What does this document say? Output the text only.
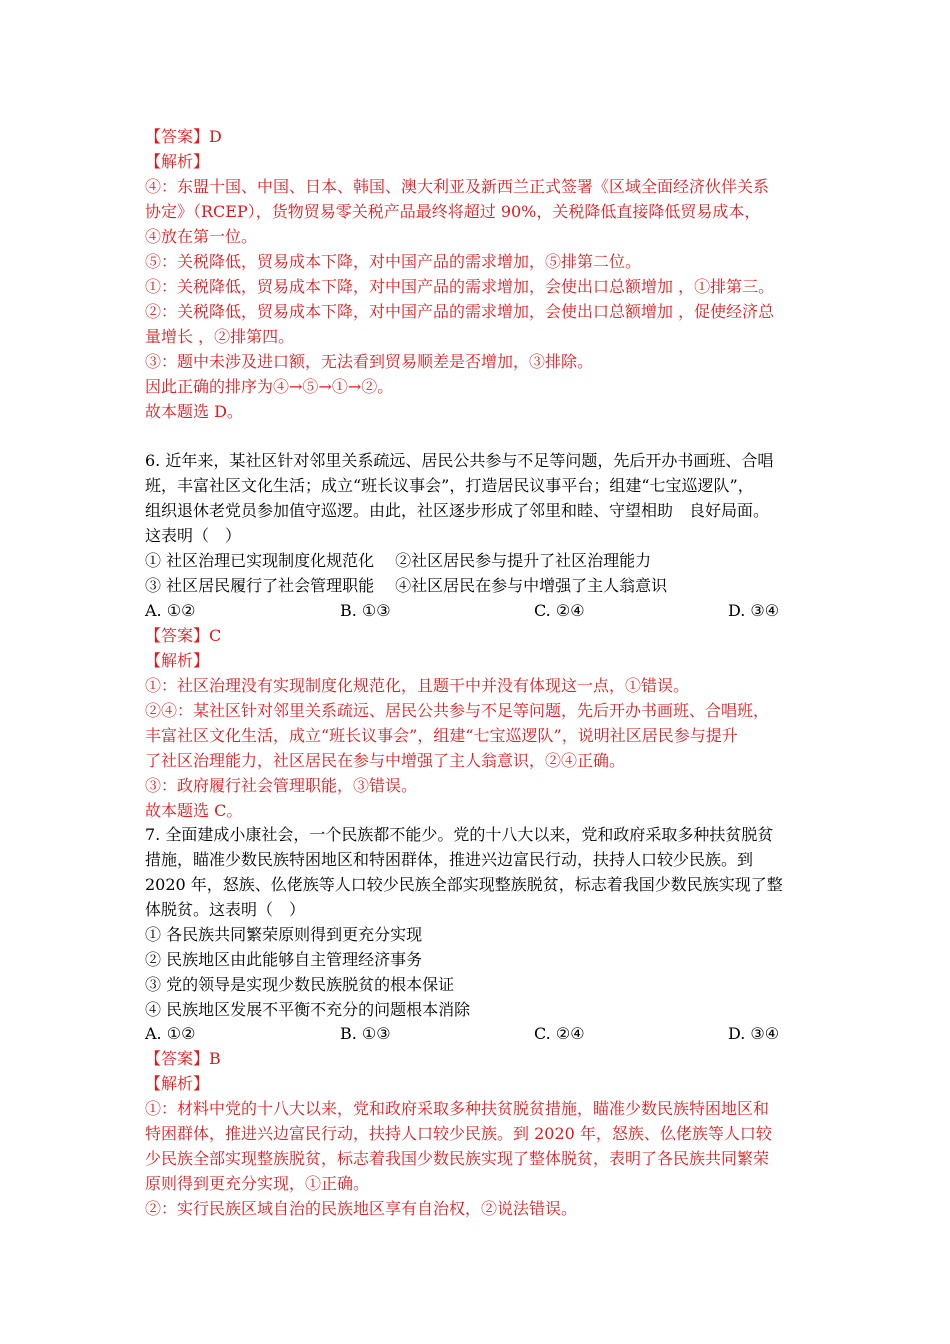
【答案】D

【解析】

④：东盟十国、中国、日本、韩国、澳大利亚及新西兰正式签署《区域全面经济伙伴关系

协定》（RCEP），货物贸易零关税产品最终将超过 90%，关税降低直接降低贸易成本，

④放在第一位。

⑤：关税降低，贸易成本下降，对中国产品的需求增加，⑤排第二位。

①：关税降低，贸易成本下降，对中国产品的需求增加，会使出口总额增加 ，①排第三。

②：关税降低，贸易成本下降，对中国产品的需求增加，会使出口总额增加 ，促使经济总

量增长 ，②排第四。

③：题中未涉及进口额，无法看到贸易顺差是否增加，③排除。

因此正确的排序为④→⑤→①→②。

故本题选 D。

6. 近年来，某社区针对邻里关系疏远、居民公共参与不足等问题，先后开办书画班、合唱

班，丰富社区文化生活；成立“班长议事会”，打造居民议事平台；组建“七宝巡逻队”，

组织退休老党员参加值守巡逻。由此，社区逐步形成了邻里和睦、守望相助　良好局面。

这表明（　）

① 社区治理已实现制度化规范化　 ②社区居民参与提升了社区治理能力

③ 社区居民履行了社会管理职能　 ④社区居民在参与中增强了主人翁意识

A. ①②	B. ①③	C. ②④	D. ③④

【答案】C

【解析】

①：社区治理没有实现制度化规范化，且题干中并没有体现这一点，①错误。

②④：某社区针对邻里关系疏远、居民公共参与不足等问题，先后开办书画班、合唱班，

丰富社区文化生活，成立“班长议事会”，组建“七宝巡逻队”，说明社区居民参与提升

了社区治理能力，社区居民在参与中增强了主人翁意识，②④正确。

③：政府履行社会管理职能，③错误。

故本题选 C。

7. 全面建成小康社会，一个民族都不能少。党的十八大以来，党和政府采取多种扶贫脱贫

措施，瞄准少数民族特困地区和特困群体，推进兴边富民行动，扶持人口较少民族。到

2020 年，怒族、仫佬族等人口较少民族全部实现整族脱贫，标志着我国少数民族实现了整

体脱贫。这表明（　）

① 各民族共同繁荣原则得到更充分实现

② 民族地区由此能够自主管理经济事务

③ 党的领导是实现少数民族脱贫的根本保证

④ 民族地区发展不平衡不充分的问题根本消除

A. ①②	B. ①③	C. ②④	D. ③④

【答案】B

【解析】

①：材料中党的十八大以来，党和政府采取多种扶贫脱贫措施，瞄准少数民族特困地区和

特困群体，推进兴边富民行动，扶持人口较少民族。到 2020 年，怒族、仫佬族等人口较

少民族全部实现整族脱贫，标志着我国少数民族实现了整体脱贫，表明了各民族共同繁荣

原则得到更充分实现，①正确。

②：实行民族区域自治的民族地区享有自治权，②说法错误。
